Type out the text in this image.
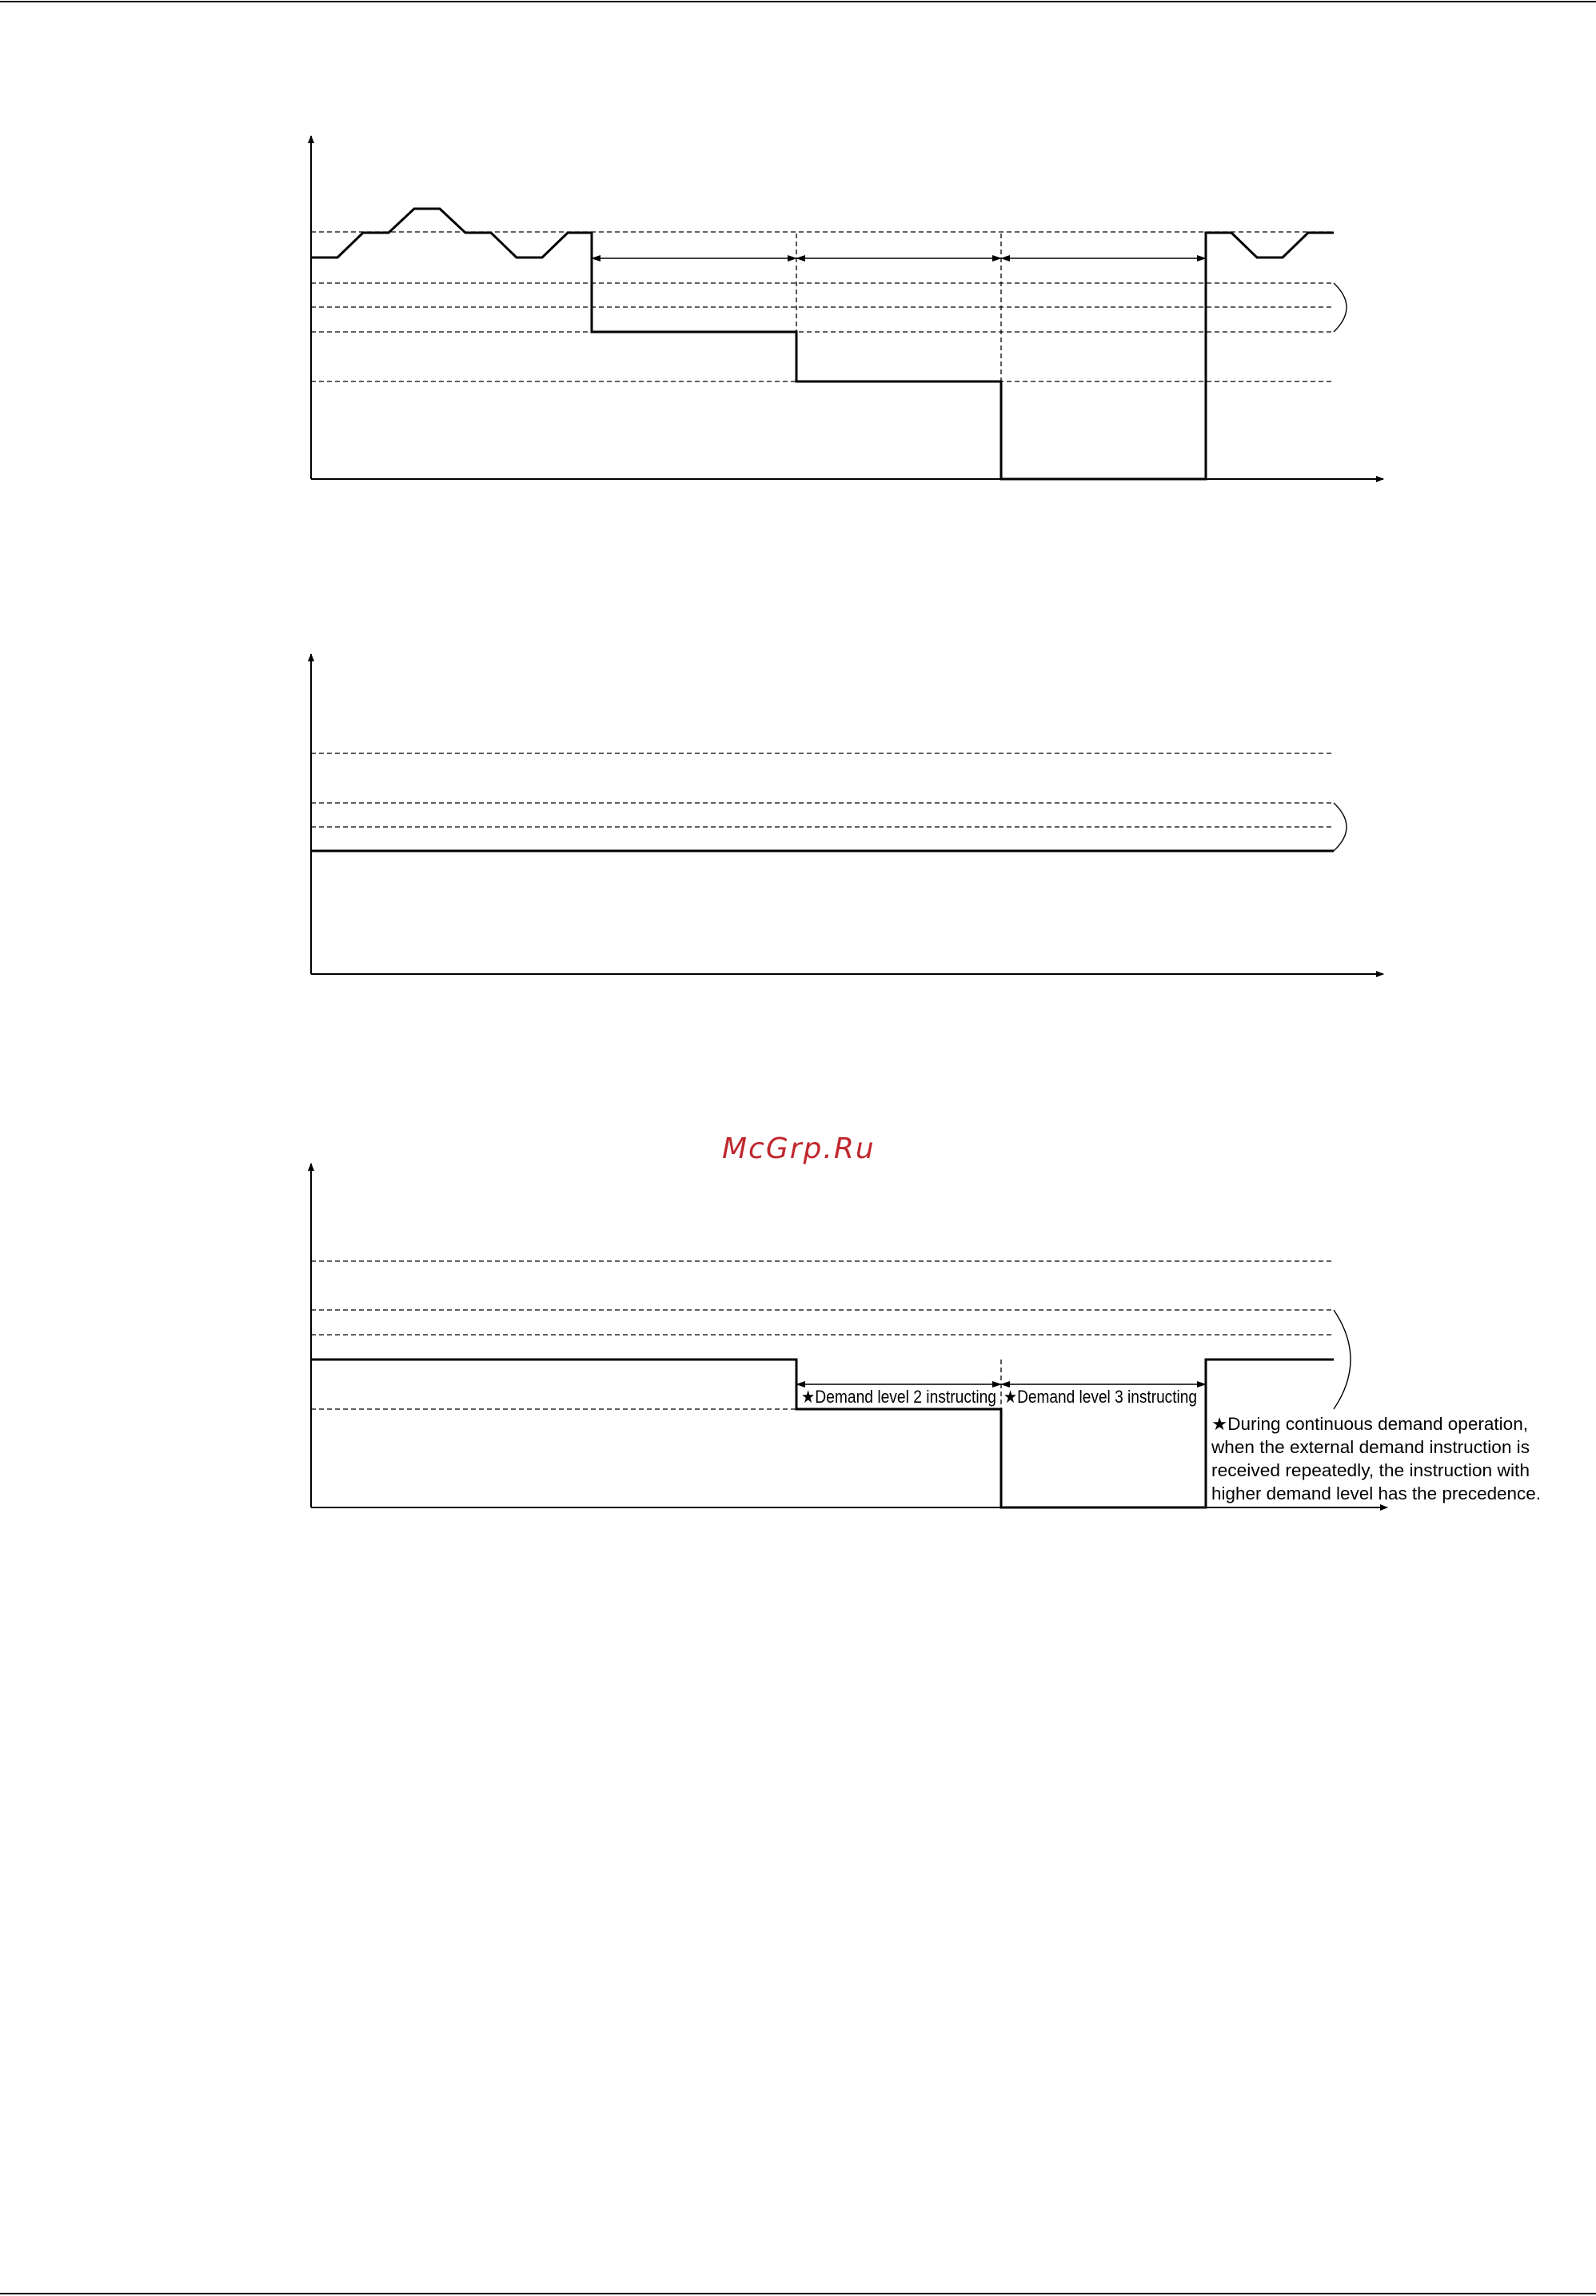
★Demand level 2 instructing ★Demand level 3 instructing
★During continuous demand operation,
when the external demand instruction is
received repeatedly, the instruction with
higher demand level has the precedence.
McGrp.Ru
